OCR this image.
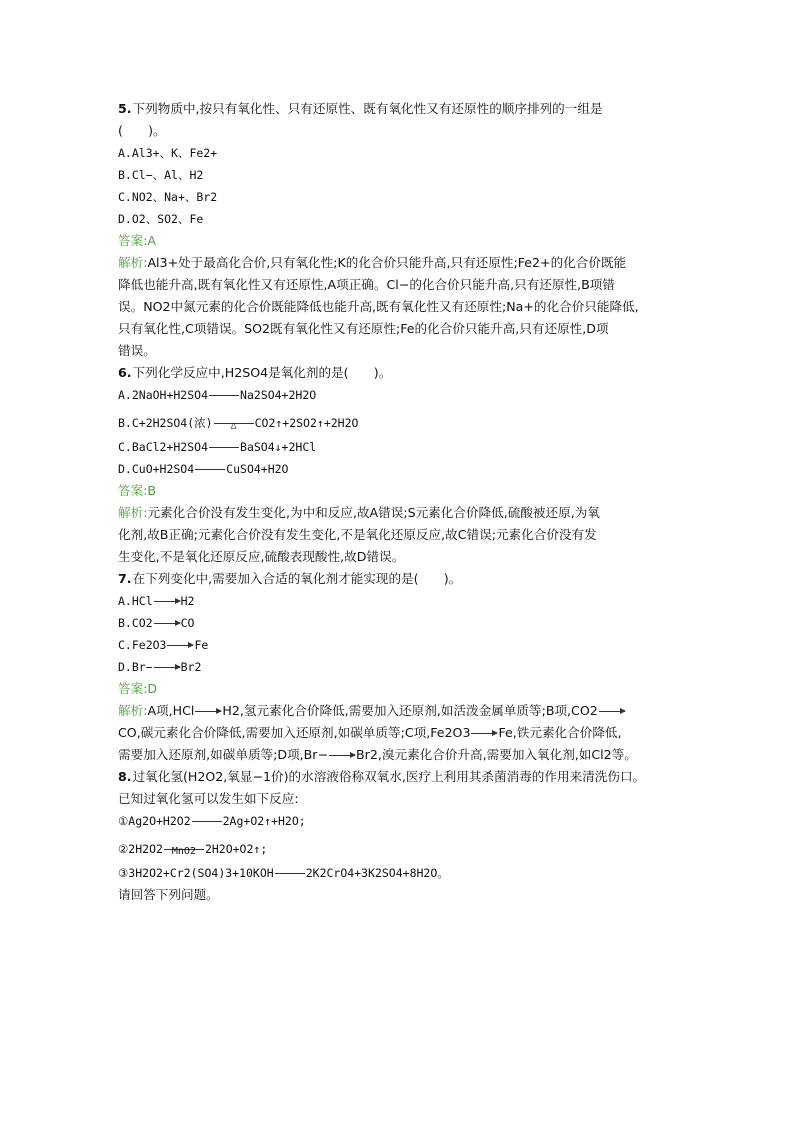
5.下列物质中,按只有氧化性、只有还原性、既有氧化性又有还原性的顺序排列的一组是
(　　)。
A.Al3+、K、Fe2+
B.Cl−、Al、H2
C.NO2、Na+、Br2
D.O2、SO2、Fe
答案:A
解析:Al3+处于最高化合价,只有氧化性;K的化合价只能升高,只有还原性;Fe2+的化合价既能
降低也能升高,既有氧化性又有还原性,A项正确。Cl−的化合价只能升高,只有还原性,B项错
误。NO2中氮元素的化合价既能降低也能升高,既有氧化性又有还原性;Na+的化合价只能降低,
只有氧化性,C项错误。SO2既有氧化性又有还原性;Fe的化合价只能升高,只有还原性,D项
错误。
6.下列化学反应中,H2SO4是氧化剂的是(　　)。
A.2NaOH+H2SO4	Na2SO4+2H2O
B.C+2H2SO4(浓)	△	CO2↑+2SO2↑+2H2O
C.BaCl2+H2SO4	BaSO4↓+2HCl
D.CuO+H2SO4	CuSO4+H2O
答案:B
解析:元素化合价没有发生变化,为中和反应,故A错误;S元素化合价降低,硫酸被还原,为氧
化剂,故B正确;元素化合价没有发生变化,不是氧化还原反应,故C错误;元素化合价没有发
生变化,不是氧化还原反应,硫酸表现酸性,故D错误。
7.在下列变化中,需要加入合适的氧化剂才能实现的是(　　)。
A.HCl H2
B.CO2 CO
C.Fe2O3 Fe
D.Br− Br2
答案:D
解析:A项,HCl H2,氢元素化合价降低,需要加入还原剂,如活泼金属单质等;B项,CO2
CO,碳元素化合价降低,需要加入还原剂,如碳单质等;C项,Fe2O3 Fe,铁元素化合价降低,
需要加入还原剂,如碳单质等;D项,Br− Br2,溴元素化合价升高,需要加入氧化剂,如Cl2等。
8.过氧化氢(H2O2,氧显−1价)的水溶液俗称双氧水,医疗上利用其杀菌消毒的作用来清洗伤口。
已知过氧化氢可以发生如下反应:
①Ag2O+H2O2	2Ag+O2↑+H2O;
②2H2O2 MnO2 2H2O+O2↑;
③3H2O2+Cr2(SO4)3+10KOH	2K2CrO4+3K2SO4+8H2O。
请回答下列问题。
